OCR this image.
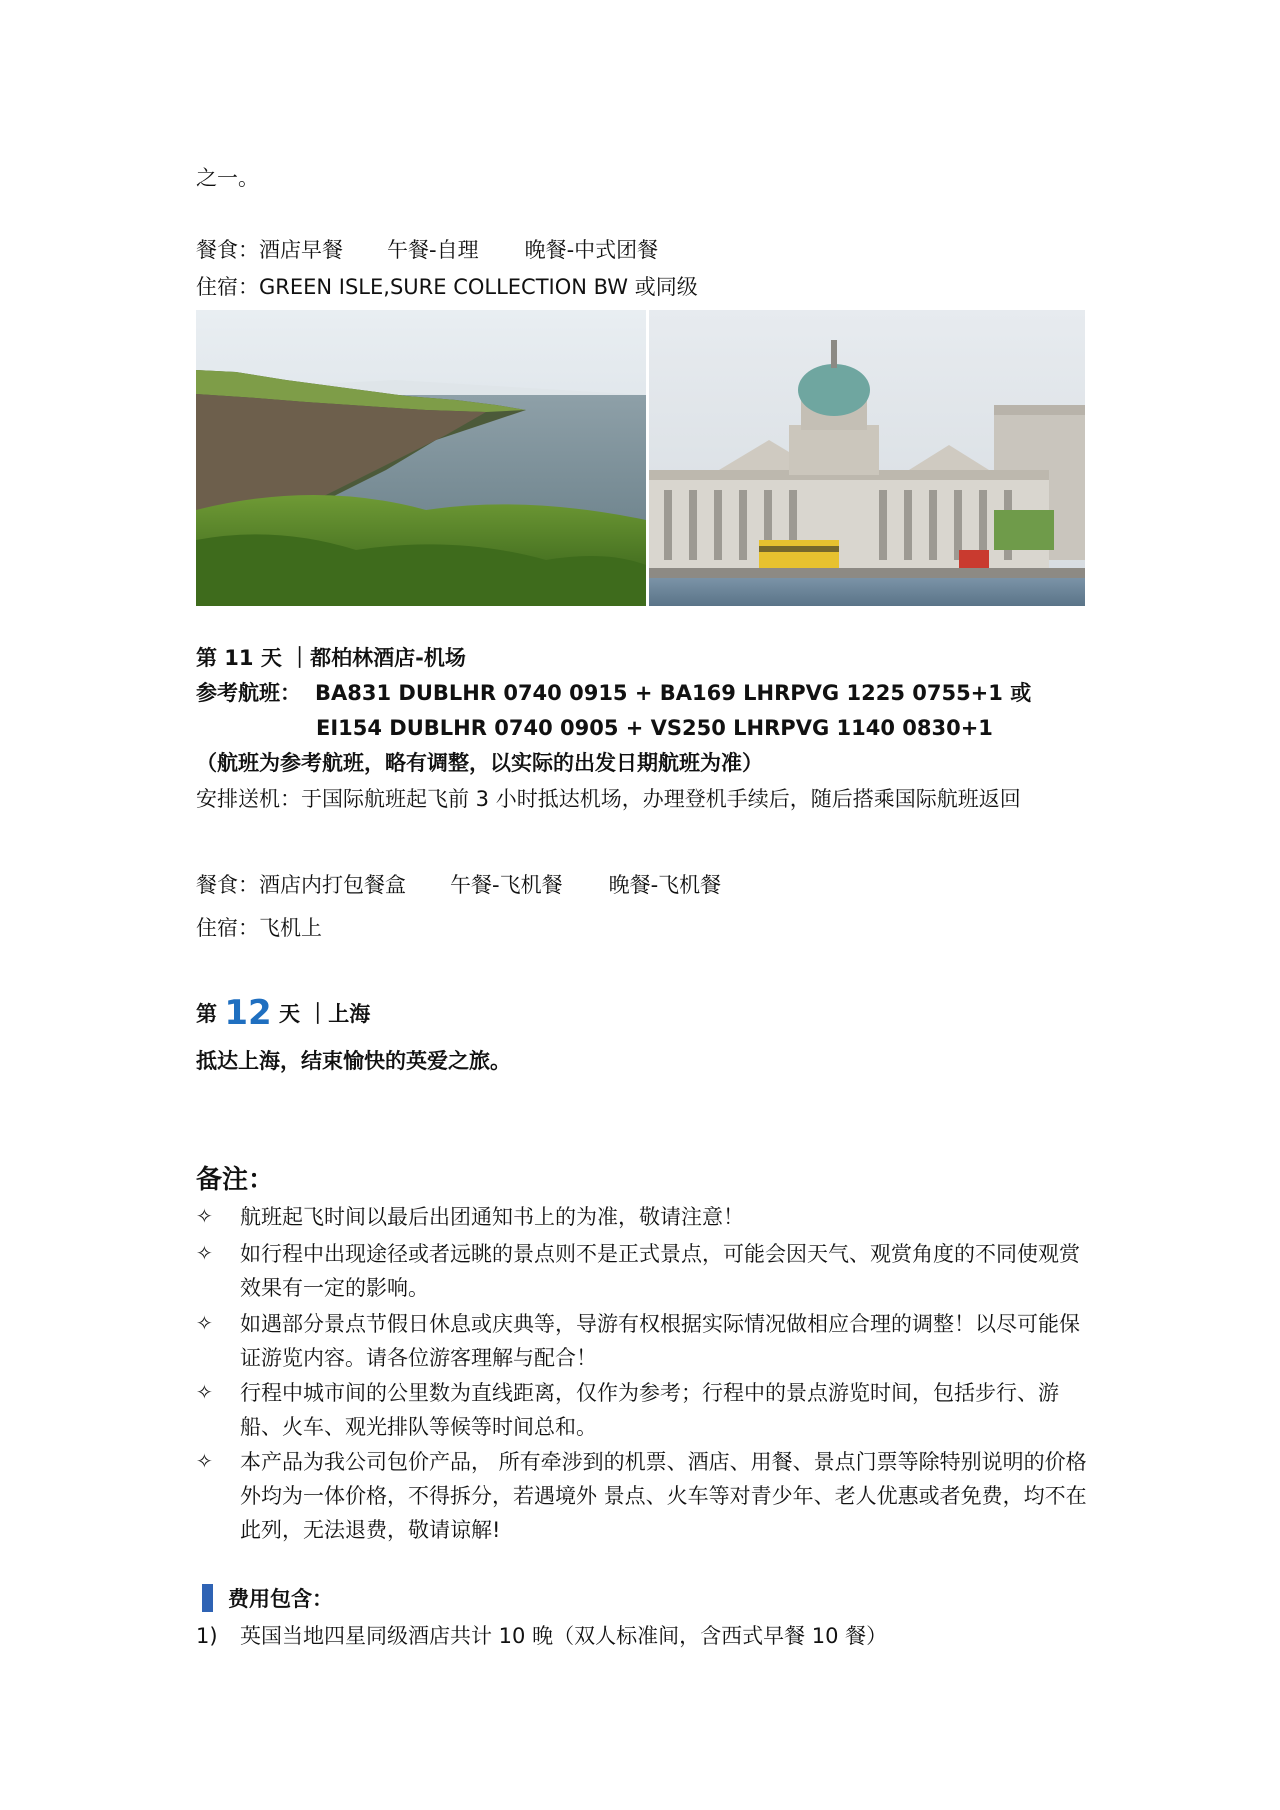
之一。
餐食：酒店早餐 午餐-自理 晚餐-中式团餐
住宿：GREEN ISLE,SURE COLLECTION BW 或同级
第 11 天 ｜都柏林酒店-机场
参考航班： BA831 DUBLHR 0740 0915 + BA169 LHRPVG 1225 0755+1 或
EI154 DUBLHR 0740 0905 + VS250 LHRPVG 1140 0830+1
（航班为参考航班，略有调整，以实际的出发日期航班为准）
安排送机：于国际航班起飞前 3 小时抵达机场，办理登机手续后，随后搭乘国际航班返回
餐食：酒店内打包餐盒 午餐-飞机餐 晚餐-飞机餐
住宿：飞机上
第 12 天 ｜上海
抵达上海，结束愉快的英爱之旅。
备注：
✧ 航班起飞时间以最后出团通知书上的为准，敬请注意！
✧ 如行程中出现途径或者远眺的景点则不是正式景点，可能会因天气、观赏角度的不同使观赏效果有一定的影响。
✧ 如遇部分景点节假日休息或庆典等，导游有权根据实际情况做相应合理的调整！以尽可能保证游览内容。请各位游客理解与配合！
✧ 行程中城市间的公里数为直线距离，仅作为参考；行程中的景点游览时间，包括步行、游船、火车、观光排队等候等时间总和。
✧ 本产品为我公司包价产品， 所有牵涉到的机票、酒店、用餐、景点门票等除特别说明的价格外均为一体价格，不得拆分，若遇境外 景点、火车等对青少年、老人优惠或者免费，均不在此列，无法退费，敬请谅解!
费用包含：
1) 英国当地四星同级酒店共计 10 晚（双人标准间，含西式早餐 10 餐）
